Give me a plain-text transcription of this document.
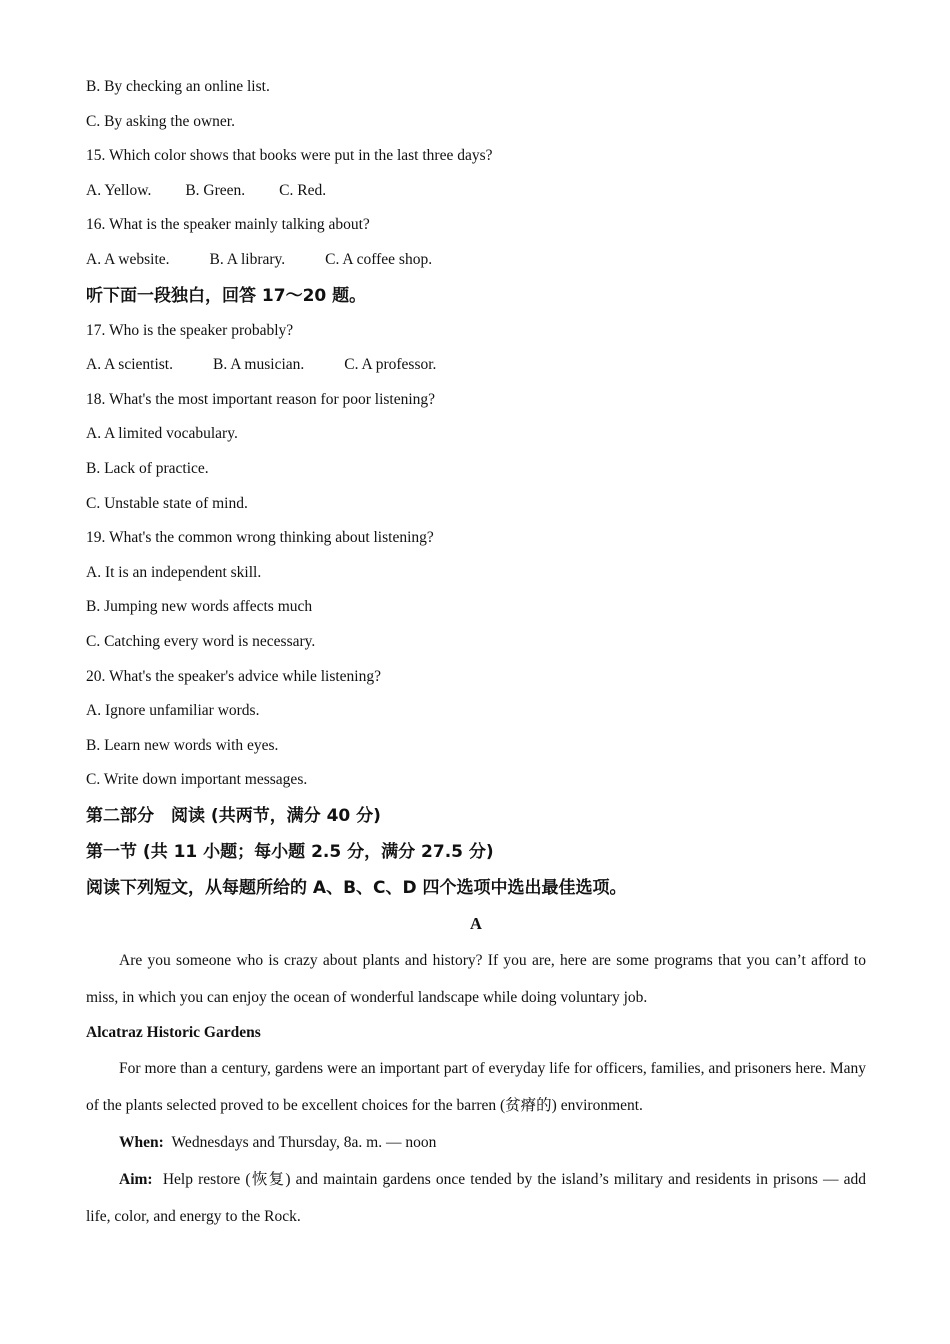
B. By checking an online list.
C. By asking the owner.
15. Which color shows that books were put in the last three days?
A. Yellow. B. Green. C. Red.
16. What is the speaker mainly talking about?
A. A website.	B. A library.	C. A coffee shop.
听下面一段独白，回答 17～20 题。
17. Who is the speaker probably?
A. A scientist.	B. A musician.	C. A professor.
18. What's the most important reason for poor listening?
A. A limited vocabulary.
B. Lack of practice.
C. Unstable state of mind.
19. What's the common wrong thinking about listening?
A. It is an independent skill.
B. Jumping new words affects much
C. Catching every word is necessary.
20. What's the speaker's advice while listening?
A. Ignore unfamiliar words.
B. Learn new words with eyes.
C. Write down important messages.
第二部分　阅读 (共两节，满分 40 分)
第一节 (共 11 小题；每小题 2.5 分，满分 27.5 分)
阅读下列短文，从每题所给的 A、B、C、D 四个选项中选出最佳选项。
A
Are you someone who is crazy about plants and history? If you are, here are some programs that you can’t afford to miss, in which you can enjoy the ocean of wonderful landscape while doing voluntary job.
Alcatraz Historic Gardens
For more than a century, gardens were an important part of everyday life for officers, families, and prisoners here. Many of the plants selected proved to be excellent choices for the barren (贫瘠的) environment.
When: Wednesdays and Thursday, 8a. m. — noon
Aim: Help restore (恢复) and maintain gardens once tended by the island’s military and residents in prisons — add life, color, and energy to the Rock.
